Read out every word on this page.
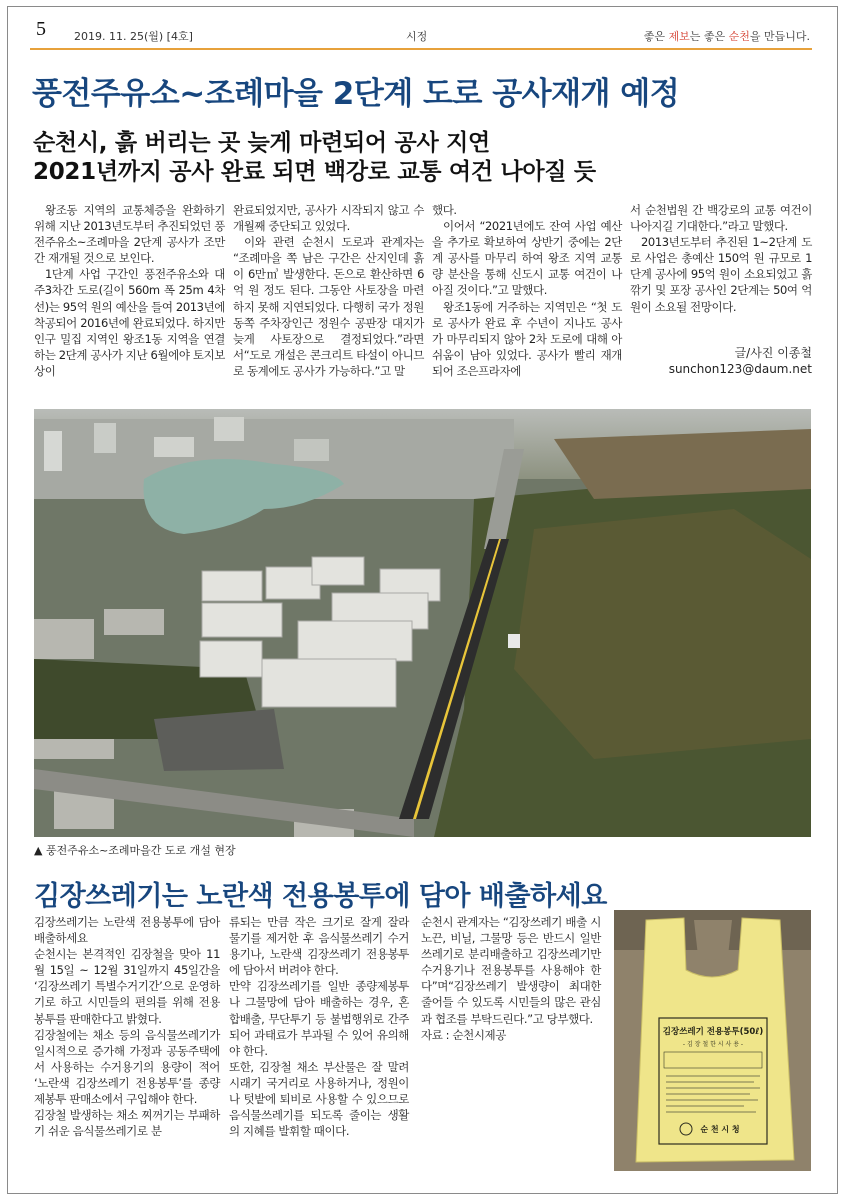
5	2019. 11. 25(월) [4호]	시정	좋은 제보는 좋은 순천을 만듭니다.
풍전주유소~조례마을 2단계 도로 공사재개 예정
순천시, 흙 버리는 곳 늦게 마련되어 공사 지연
2021년까지 공사 완료 되면 백강로 교통 여건 나아질 듯

왕조동 지역의 교통체증을 완화하기 위해 지난 2013년도부터 추진되었던 풍전주유소~조례마을 2단계 공사가 조만간 재개될 것으로 보인다.

1단계 사업 구간인 풍전주유소와 대주3차간 도로(길이 560m 폭 25m 4차선)는 95억 원의 예산을 들여 2013년에 착공되어 2016년에 완료되었다. 하지만 인구 밀집 지역인 왕조1동 지역을 연결하는 2단계 공사가 지난 6월에야 토지보상이

완료되었지만, 공사가 시작되지 않고 수개월째 중단되고 있었다.

이와 관련 순천시 도로과 관계자는 “조례마을 쪽 남은 구간은 산지인데 흙이 6만㎥ 발생한다. 돈으로 환산하면 6억 원 정도 된다. 그동안 사토장을 마련하지 못해 지연되었다. 다행히 국가 정원 동쪽 주차장인근 정원수 공판장 대지가 늦게 사토장으로 결정되었다.”라면서“도로 개설은 콘크리트 타설이 아니므로 동계에도 공사가 가능하다.”고 말

했다.

이어서 “2021년에도 잔여 사업 예산을 추가로 확보하여 상반기 중에는 2단계 공사를 마무리 하여 왕조 지역 교통량 분산을 통해 신도시 교통 여건이 나아질 것이다.”고 말했다.

왕조1동에 거주하는 지역민은 “첫 도로 공사가 완료 후 수년이 지나도 공사가 마무리되지 않아 2차 도로에 대해 아쉬움이 남아 있었다. 공사가 빨리 재개되어 조은프라자에

서 순천법원 간 백강로의 교통 여건이 나아지길 기대한다.”라고 말했다.

2013년도부터 추진된 1~2단계 도로 사업은 총예산 150억 원 규모로 1단계 공사에 95억 원이 소요되었고 흙깎기 및 포장 공사인 2단계는 50여 억원이 소요될 전망이다.

글/사진 이종철
sunchon123@daum.net
▲ 풍전주유소~조례마을간 도로 개설 현장
김장쓰레기는 노란색 전용봉투에 담아 배출하세요

김장쓰레기는 노란색 전용봉투에 담아 배출하세요

순천시는 본격적인 김장철을 맞아 11월 15일 ~ 12월 31일까지 45일간을 ‘김장쓰레기 특별수거기간’으로 운영하기로 하고 시민들의 편의를 위해 전용봉투를 판매한다고 밝혔다.

김장철에는 채소 등의 음식물쓰레기가 일시적으로 증가해 가정과 공동주택에서 사용하는 수거용기의 용량이 적어 ‘노란색 김장쓰레기 전용봉투’를 종량제봉투 판매소에서 구입해야 한다.

김장철 발생하는 채소 찌꺼기는 부패하기 쉬운 음식물쓰레기로 분

류되는 만큼 작은 크기로 잘게 잘라 물기를 제거한 후 음식물쓰레기 수거용기나, 노란색 김장쓰레기 전용봉투에 담아서 버려야 한다.

만약 김장쓰레기를 일반 종량제봉투나 그물망에 담아 배출하는 경우, 혼합배출, 무단투기 등 불법행위로 간주되어 과태료가 부과될 수 있어 유의해야 한다.

또한, 김장철 채소 부산물은 잘 말려 시래기 국거리로 사용하거나, 정원이나 텃밭에 퇴비로 사용할 수 있으므로 음식물쓰레기를 되도록 줄이는 생활의 지혜를 발휘할 때이다.

순천시 관계자는 “김장쓰레기 배출 시 노끈, 비닐, 그물망 등은 반드시 일반쓰레기로 분리배출하고 김장쓰레기만 수거용기나 전용봉투를 사용해야 한다”며“김장쓰레기 발생량이 최대한 줄어들 수 있도록 시민들의 많은 관심과 협조를 부탁드린다.”고 당부했다.

자료 : 순천시제공	김장쓰레기 전용봉투(50ℓ)
- 김 장 철 한 시 사 용 -
순 천 시 청
